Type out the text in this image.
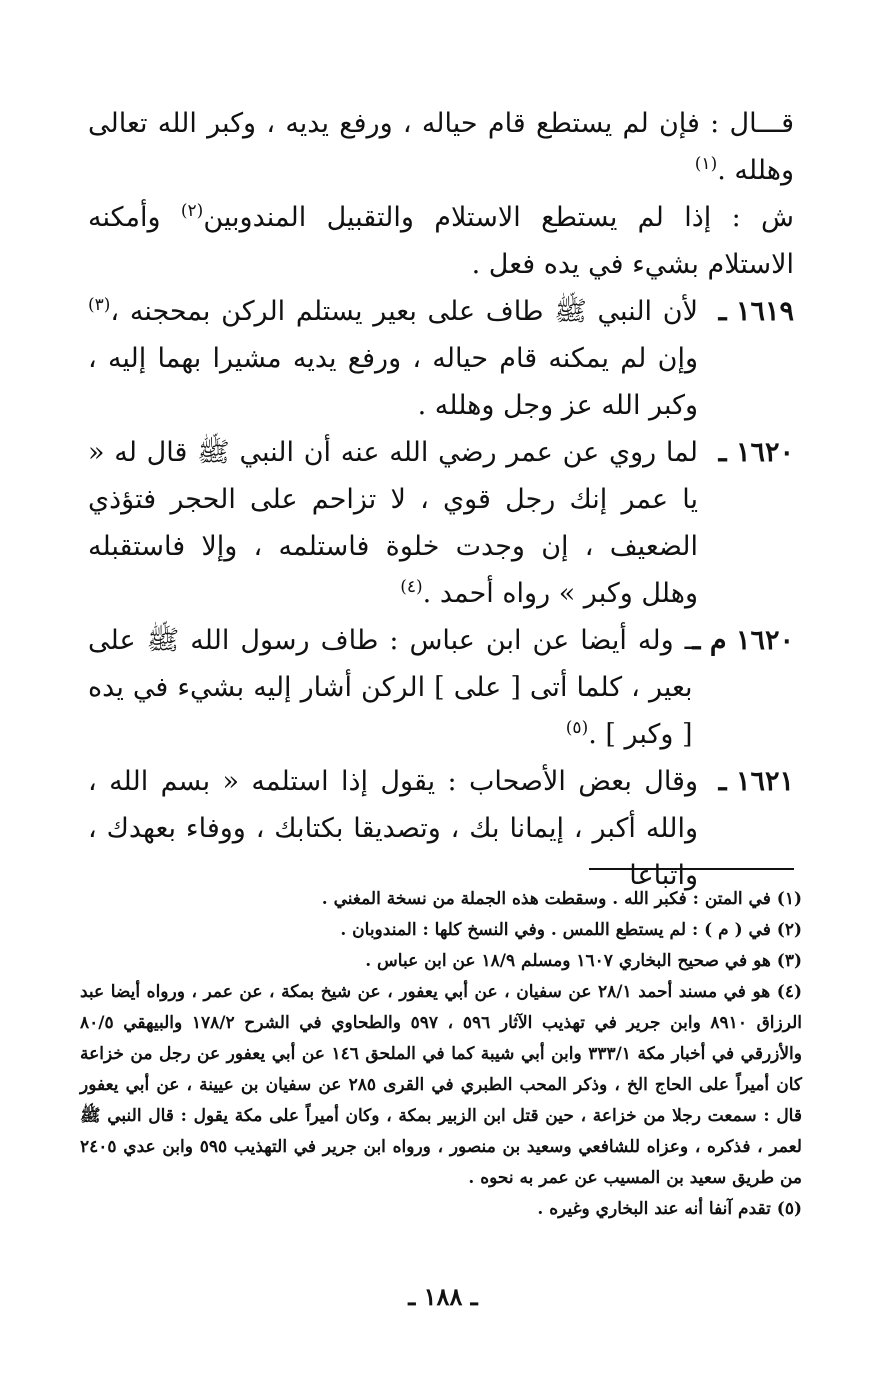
قـــال : فإن لم يستطع قام حياله ، ورفع يديه ، وكبر الله تعالى وهلله .$^{(١)}$

ش : إذا لم يستطع الاستلام والتقبيل المندوبين$^{(٢)}$ وأمكنه الاستلام بشيء في يده فعل .

١٦١٩ ـ
لأن النبي ﷺ طاف على بعير يستلم الركن بمحجنه ،$^{(٣)}$ وإن لم يمكنه قام حياله ، ورفع يديه مشيرا بهما إليه ، وكبر الله عز وجل وهلله .
١٦٢٠ ـ
لما روي عن عمر رضي الله عنه أن النبي ﷺ قال له « يا عمر إنك رجل قوي ، لا تزاحم على الحجر فتؤذي الضعيف ، إن وجدت خلوة فاستلمه ، وإلا فاستقبله وهلل وكبر » رواه أحمد .$^{(٤)}$
١٦٢٠ م ـ
ـ وله أيضا عن ابن عباس : طاف رسول الله ﷺ على بعير ، كلما أتى [ على ] الركن أشار إليه بشيء في يده [ وكبر ] .$^{(٥)}$
١٦٢١ ـ
وقال بعض الأصحاب : يقول إذا استلمه « بسم الله ، والله أكبر ، إيمانا بك ، وتصديقا بكتابك ، ووفاء بعهدك ، واتباعا

(١) في المتن : فكبر الله . وسقطت هذه الجملة من نسخة المغني .

(٢) في ( م ) : لم يستطع اللمس . وفي النسخ كلها : المندوبان .

(٣) هو في صحيح البخاري ١٦٠٧ ومسلم ١٨/٩ عن ابن عباس .

(٤) هو في مسند أحمد ٢٨/١ عن سفيان ، عن أبي يعفور ، عن شيخ بمكة ، عن عمر ، ورواه أيضا عبد الرزاق ٨٩١٠ وابن جرير في تهذيب الآثار ٥٩٦ ، ٥٩٧ والطحاوي في الشرح ١٧٨/٢ والبيهقي ٨٠/٥ والأزرقي في أخبار مكة ٣٣٣/١ وابن أبي شيبة كما في الملحق ١٤٦ عن أبي يعفور عن رجل من خزاعة كان أميراً على الحاج الخ ، وذكر المحب الطبري في القرى ٢٨٥ عن سفيان بن عيينة ، عن أبي يعفور قال : سمعت رجلا من خزاعة ، حين قتل ابن الزبير بمكة ، وكان أميراً على مكة يقول : قال النبي ﷺ لعمر ، فذكره ، وعزاه للشافعي وسعيد بن منصور ، ورواه ابن جرير في التهذيب ٥٩٥ وابن عدي ٢٤٠٥ من طريق سعيد بن المسيب عن عمر به نحوه .

(٥) تقدم آنفا أنه عند البخاري وغيره .

ـ ١٨٨ ـ
